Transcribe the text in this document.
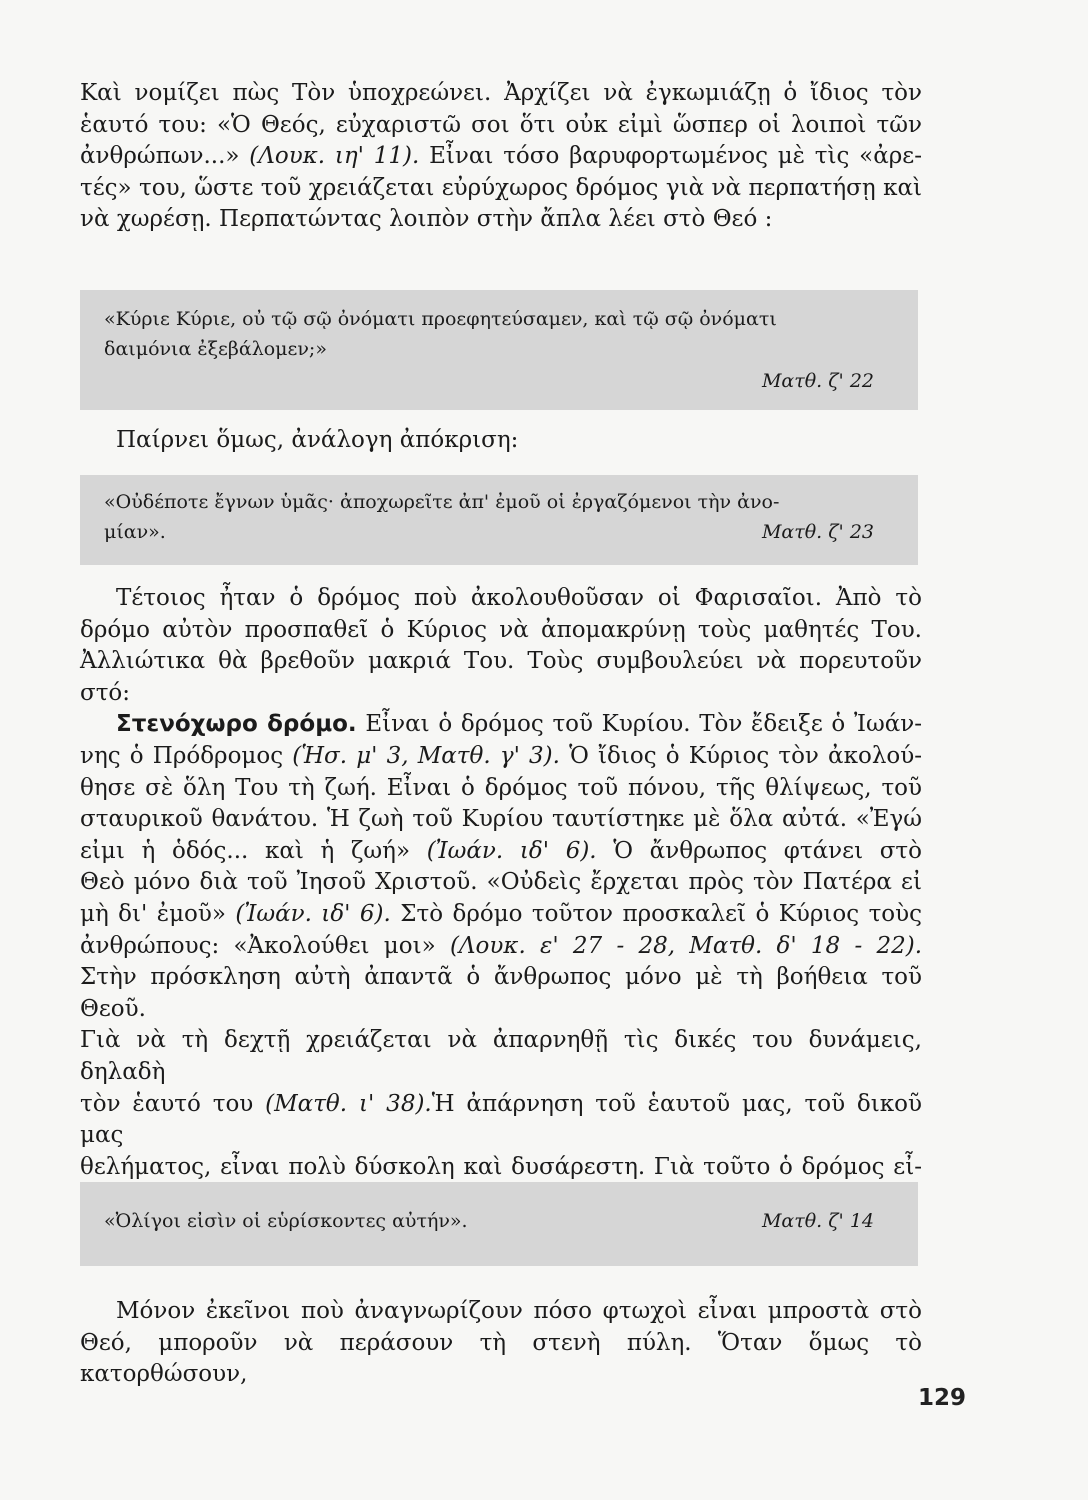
Καὶ νομίζει πὼς Τὸν ὑποχρεώνει. Ἀρχίζει νὰ ἐγκωμιάζῃ ὁ ἴδιος τὸν
ἑαυτό του: «Ὁ Θεός, εὐχαριστῶ σοι ὅτι οὐκ εἰμὶ ὥσπερ οἱ λοιποὶ τῶν
ἀνθρώπων...» (Λουκ. ιη' 11). Εἶναι τόσο βαρυφορτωμένος μὲ τὶς «ἀρε-
τές» του, ὥστε τοῦ χρειάζεται εὐρύχωρος δρόμος γιὰ νὰ περπατήσῃ καὶ
νὰ χωρέσῃ. Περπατώντας λοιπὸν στὴν ἄπλα λέει στὸ Θεό :
«Κύριε Κύριε, οὐ τῷ σῷ ὀνόματι προεφητεύσαμεν, καὶ τῷ σῷ ὀνόματι
δαιμόνια ἐξεβάλομεν;»
Ματθ. ζ' 22
Παίρνει ὅμως, ἀνάλογη ἀπόκριση:
«Οὐδέποτε ἔγνων ὑμᾶς· ἀποχωρεῖτε ἀπ' ἐμοῦ οἱ ἐργαζόμενοι τὴν ἀνο-
μίαν».	Ματθ. ζ' 23
Τέτοιος ἦταν ὁ δρόμος ποὺ ἀκολουθοῦσαν οἱ Φαρισαῖοι. Ἀπὸ τὸ
δρόμο αὐτὸν προσπαθεῖ ὁ Κύριος νὰ ἀπομακρύνῃ τοὺς μαθητές Του.
Ἀλλιώτικα θὰ βρεθοῦν μακριά Του. Τοὺς συμβουλεύει νὰ πορευτοῦν στό:
Στενόχωρο δρόμο. Εἶναι ὁ δρόμος τοῦ Κυρίου. Τὸν ἔδειξε ὁ Ἰωάν-
νης ὁ Πρόδρομος (Ἡσ. μ' 3, Ματθ. γ' 3). Ὁ ἴδιος ὁ Κύριος τὸν ἀκολού-
θησε σὲ ὅλη Του τὴ ζωή. Εἶναι ὁ δρόμος τοῦ πόνου, τῆς θλίψεως, τοῦ
σταυρικοῦ θανάτου. Ἡ ζωὴ τοῦ Κυρίου ταυτίστηκε μὲ ὅλα αὐτά. «Ἐγώ
εἰμι ἡ ὁδός... καὶ ἡ ζωή» (Ἰωάν. ιδ' 6). Ὁ ἄνθρωπος φτάνει στὸ
Θεὸ μόνο διὰ τοῦ Ἰησοῦ Χριστοῦ. «Οὐδεὶς ἔρχεται πρὸς τὸν Πατέρα εἰ
μὴ δι' ἐμοῦ» (Ἰωάν. ιδ' 6). Στὸ δρόμο τοῦτον προσκαλεῖ ὁ Κύριος τοὺς
ἀνθρώπους: «Ἀκολούθει μοι» (Λουκ. ε' 27 - 28, Ματθ. δ' 18 - 22).
Στὴν πρόσκληση αὐτὴ ἀπαντᾶ ὁ ἄνθρωπος μόνο μὲ τὴ βοήθεια τοῦ Θεοῦ.
Γιὰ νὰ τὴ δεχτῇ χρειάζεται νὰ ἀπαρνηθῇ τὶς δικές του δυνάμεις, δηλαδὴ
τὸν ἑαυτό του (Ματθ. ι' 38).Ἡ ἀπάρνηση τοῦ ἑαυτοῦ μας, τοῦ δικοῦ μας
θελήματος, εἶναι πολὺ δύσκολη καὶ δυσάρεστη. Γιὰ τοῦτο ὁ δρόμος εἶ-
«Ὀλίγοι εἰσὶν οἱ εὑρίσκοντες αὐτήν».	Ματθ. ζ' 14
Μόνον ἐκεῖνοι ποὺ ἀναγνωρίζουν πόσο φτωχοὶ εἶναι μπροστὰ στὸ
Θεό, μποροῦν νὰ περάσουν τὴ στενὴ πύλη. Ὅταν ὅμως τὸ κατορθώσουν,
129
